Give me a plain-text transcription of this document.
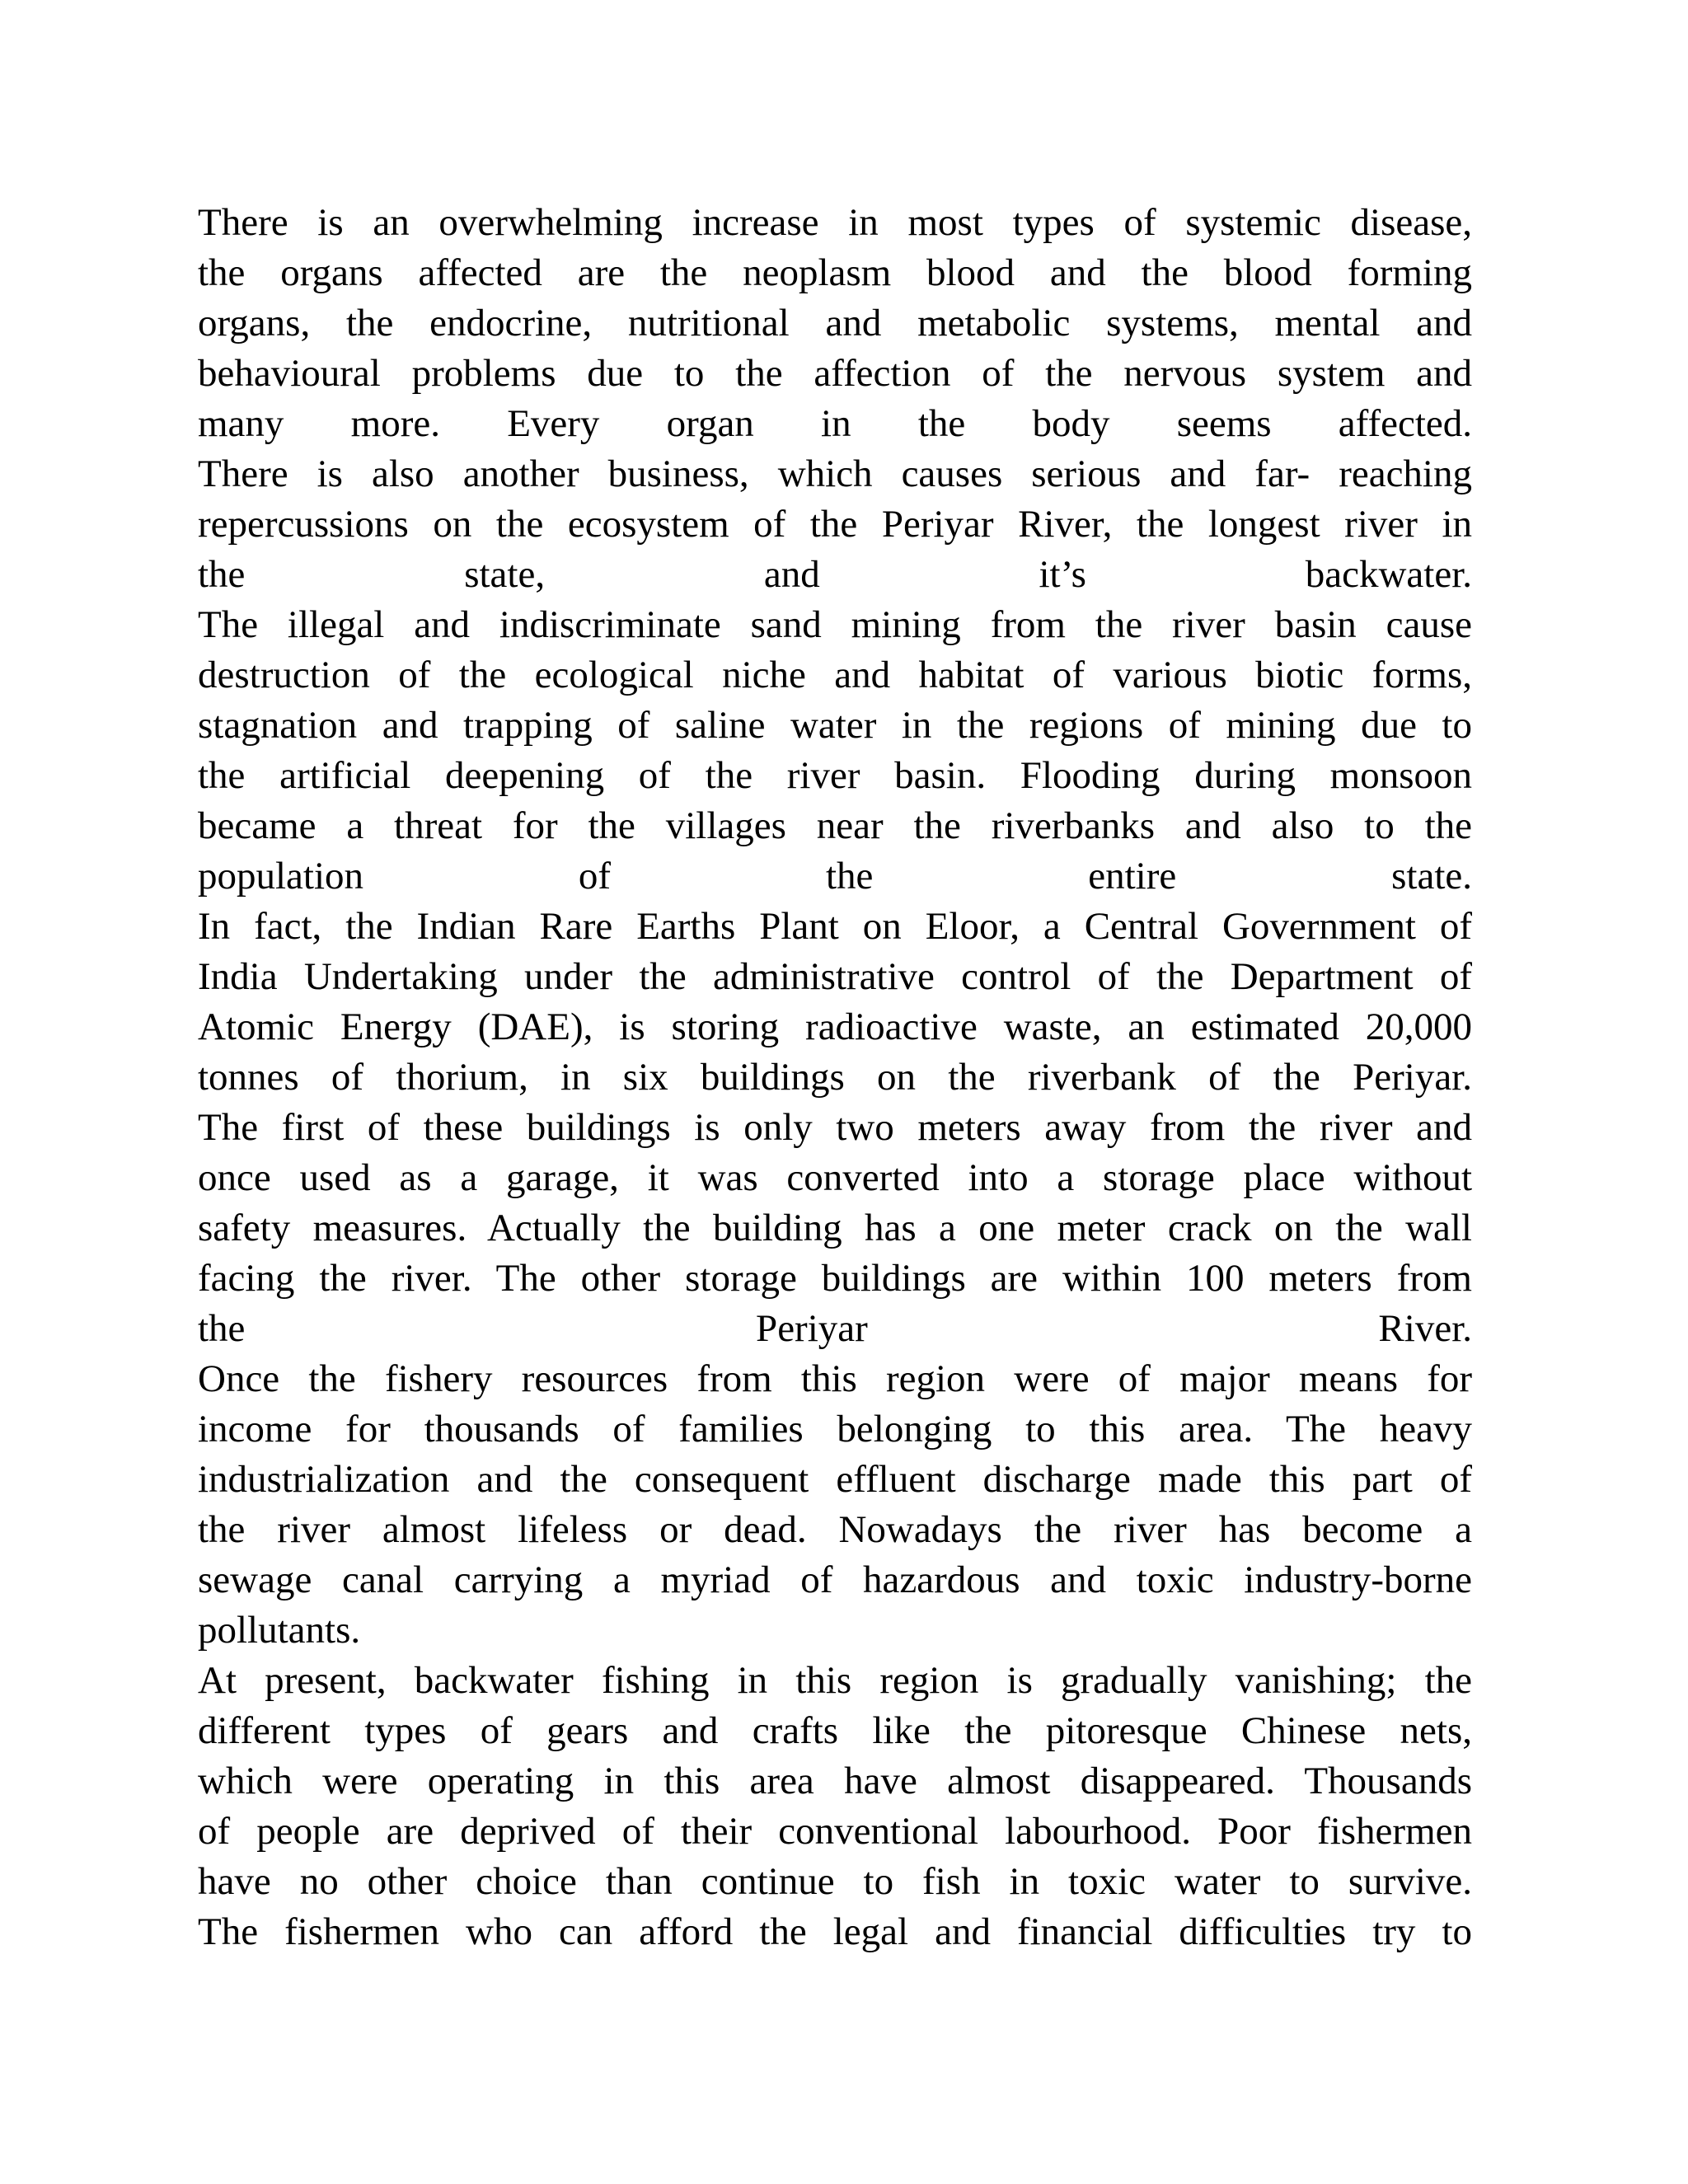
There is an overwhelming increase in most types of systemic disease,
the organs affected are the neoplasm blood and the blood forming
organs, the endocrine, nutritional and metabolic systems, mental and
behavioural problems due to the affection of the nervous system and
many more. Every organ in the body seems affected.
There is also another business, which causes serious and far- reaching
repercussions on the ecosystem of the Periyar River, the longest river in
the state, and it’s backwater.
The illegal and indiscriminate sand mining from the river basin cause
destruction of the ecological niche and habitat of various biotic forms,
stagnation and trapping of saline water in the regions of mining due to
the artificial deepening of the river basin. Flooding during monsoon
became a threat for the villages near the riverbanks and also to the
population of the entire state.
In fact, the Indian Rare Earths Plant on Eloor, a Central Government of
India Undertaking under the administrative control of the Department of
Atomic Energy (DAE), is storing radioactive waste, an estimated 20,000
tonnes of thorium, in six buildings on the riverbank of the Periyar.
The first of these buildings is only two meters away from the river and
once used as a garage, it was converted into a storage place without
safety measures. Actually the building has a one meter crack on the wall
facing the river. The other storage buildings are within 100 meters from
the Periyar River.
Once the fishery resources from this region were of major means for
income for thousands of families belonging to this area. The heavy
industrialization and the consequent effluent discharge made this part of
the river almost lifeless or dead. Nowadays the river has become a
sewage canal carrying a myriad of hazardous and toxic industry-borne
pollutants.
At present, backwater fishing in this region is gradually vanishing; the
different types of gears and crafts like the pitoresque Chinese nets,
which were operating in this area have almost disappeared. Thousands
of people are deprived of their conventional labourhood. Poor fishermen
have no other choice than continue to fish in toxic water to survive.
The fishermen who can afford the legal and financial difficulties try to
